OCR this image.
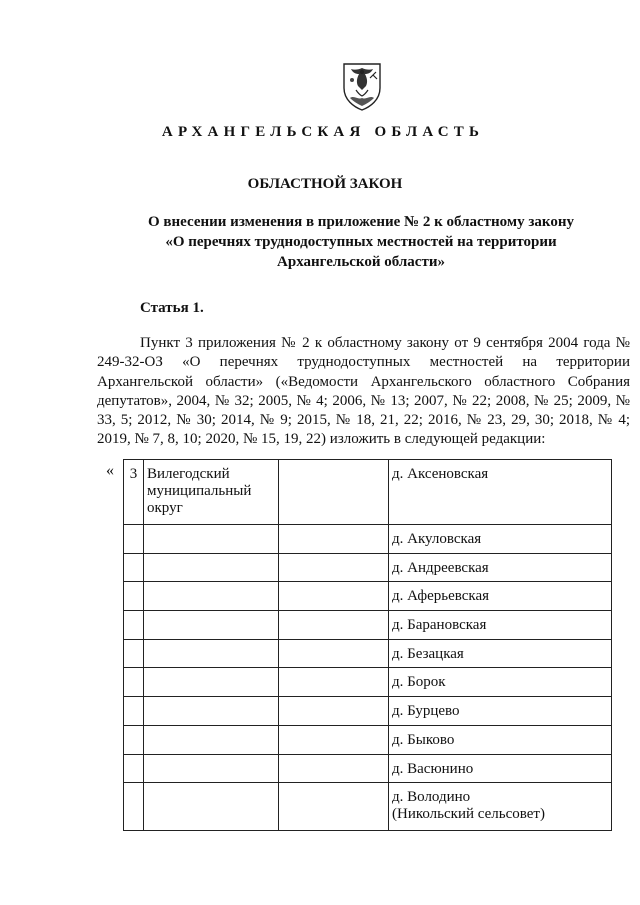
АРХАНГЕЛЬСКАЯ ОБЛАСТЬ
ОБЛАСТНОЙ ЗАКОН
О внесении изменения в приложение № 2 к областному закону
«О перечнях труднодоступных местностей на территории
Архангельской области»
Статья 1.
Пункт 3 приложения № 2 к областному закону от 9 сентября 2004 года № 249-32-ОЗ «О перечнях труднодоступных местностей на территории Архангельской области» («Ведомости Архангельского областного Собрания депутатов», 2004, № 32; 2005, № 4; 2006, № 13; 2007, № 22; 2008, № 25; 2009, № 33, 5; 2012, № 30; 2014, № 9; 2015, № 18, 21, 22; 2016, № 23, 29, 30; 2018, № 4; 2019, № 7, 8, 10; 2020, № 15, 19, 22) изложить в следующей редакции:
« 3	Вилегодский
муниципальный
округ		д. Аксеновская

			д. Акуловская

			д. Андреевская

			д. Аферьевская

			д. Барановская

			д. Безацкая

			д. Борок

			д. Бурцево

			д. Быково

			д. Васюнино

			д. Володино
(Никольский сельсовет)
